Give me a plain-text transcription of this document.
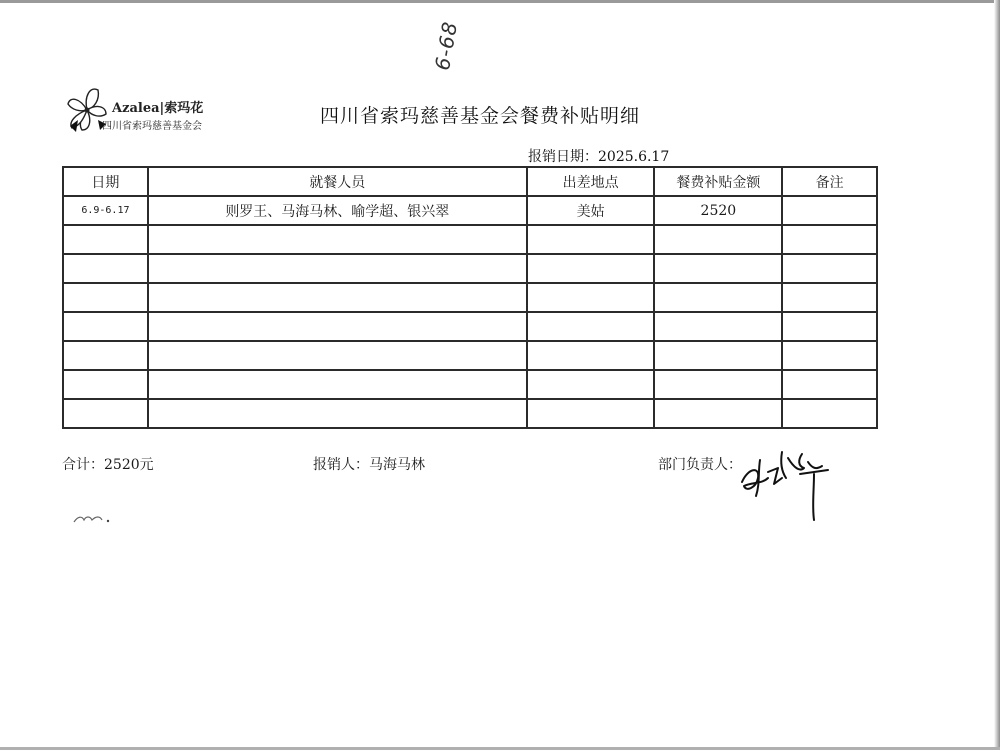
6-68
Azalea|索玛花
四川省索玛慈善基金会	四川省索玛慈善基金会餐费补贴明细
报销日期：2025.6.17
日期	就餐人员	出差地点	餐费补贴金额	备注
6.9-6.17	则罗王、马海马林、喻学超、银兴翠	美姑	2520	

合计：2520元	报销人：马海马林	部门负责人：
